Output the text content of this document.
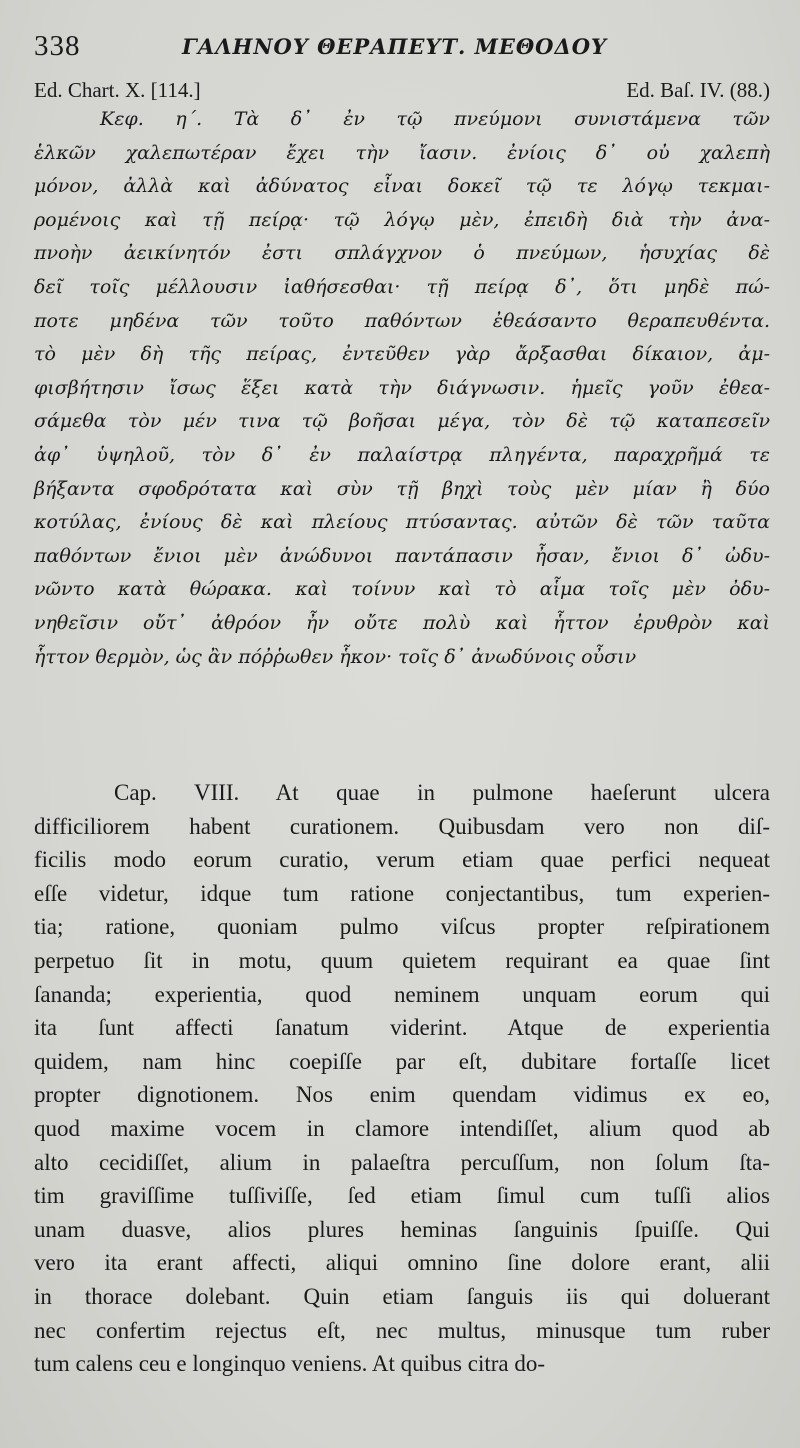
338	ΓΑΛΗΝΟΥ ΘΕΡΑΠΕΥΤ. ΜΕΘΟΔΟΥ
Ed. Chart. X. [114.]	Ed. Baſ. IV. (88.)
Κεφ. η΄. Τὰ δ᾽ ἐν τῷ πνεύμονι συνιστάμενα τῶν
ἑλκῶν χαλεπωτέραν ἔχει τὴν ἴασιν. ἐνίοις δ᾽ οὐ χαλεπὴ
μόνον, ἀλλὰ καὶ ἀδύνατος εἶναι δοκεῖ τῷ τε λόγῳ τεκμαι-
ρομένοις καὶ τῇ πείρᾳ· τῷ λόγῳ μὲν, ἐπειδὴ διὰ τὴν ἀνα-
πνοὴν ἀεικίνητόν ἐστι σπλάγχνον ὁ πνεύμων, ἡσυχίας δὲ
δεῖ τοῖς μέλλουσιν ἰαθήσεσθαι· τῇ πείρᾳ δ᾽, ὅτι μηδὲ πώ-
ποτε μηδένα τῶν τοῦτο παθόντων ἐθεάσαντο θεραπευθέντα.
τὸ μὲν δὴ τῆς πείρας, ἐντεῦθεν γὰρ ἄρξασθαι δίκαιον, ἀμ-
φισβήτησιν ἴσως ἕξει κατὰ τὴν διάγνωσιν. ἡμεῖς γοῦν ἐθεα-
σάμεθα τὸν μέν τινα τῷ βοῆσαι μέγα, τὸν δὲ τῷ καταπεσεῖν
ἀφ᾽ ὑψηλοῦ, τὸν δ᾽ ἐν παλαίστρᾳ πληγέντα, παραχρῆμά τε
βήξαντα σφοδρότατα καὶ σὺν τῇ βηχὶ τοὺς μὲν μίαν ἢ δύο
κοτύλας, ἐνίους δὲ καὶ πλείους πτύσαντας. αὐτῶν δὲ τῶν ταῦτα
παθόντων ἔνιοι μὲν ἀνώδυνοι παντάπασιν ἦσαν, ἔνιοι δ᾽ ὠδυ-
νῶντο κατὰ θώρακα. καὶ τοίνυν καὶ τὸ αἷμα τοῖς μὲν ὀδυ-
νηθεῖσιν οὔτ᾽ ἀθρόον ἦν οὔτε πολὺ καὶ ἧττον ἐρυθρὸν καὶ
ἧττον θερμὸν, ὡς ἂν πόῤῥωθεν ἧκον· τοῖς δ᾽ ἀνωδύνοις οὖσιν
Cap. VIII. At quae in pulmone haeſerunt ulcera
difficiliorem habent curationem. Quibusdam vero non diſ-
ficilis modo eorum curatio, verum etiam quae perfici nequeat
eſſe videtur, idque tum ratione conjectantibus, tum experien-
tia; ratione, quoniam pulmo viſcus propter reſpirationem
perpetuo ſit in motu, quum quietem requirant ea quae ſint
ſananda; experientia, quod neminem unquam eorum qui
ita ſunt affecti ſanatum viderint. Atque de experientia
quidem, nam hinc coepiſſe par eſt, dubitare fortaſſe licet
propter dignotionem. Nos enim quendam vidimus ex eo,
quod maxime vocem in clamore intendiſſet, alium quod ab
alto cecidiſſet, alium in palaeſtra percuſſum, non ſolum ſta-
tim graviſſime tuſſiviſſe, ſed etiam ſimul cum tuſſi alios
unam duasve, alios plures heminas ſanguinis ſpuiſſe. Qui
vero ita erant affecti, aliqui omnino ſine dolore erant, alii
in thorace dolebant. Quin etiam ſanguis iis qui doluerant
nec confertim rejectus eſt, nec multus, minusque tum ruber
tum calens ceu e longinquo veniens. At quibus citra do-
